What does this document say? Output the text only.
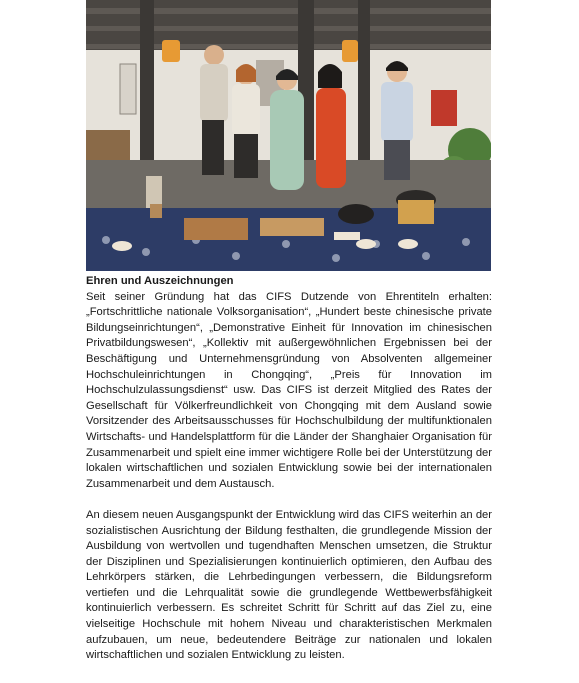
Ehren und Auszeichnungen

Seit seiner Gründung hat das CIFS Dutzende von Ehrentiteln erhalten: „Fortschrittliche nationale Volksorganisation“, „Hundert beste chinesische private Bildungseinrichtungen“, „Demonstrative Einheit für Innovation im chinesischen Privatbildungswesen“, „Kollektiv mit außergewöhnlichen Ergebnissen bei der Beschäftigung und Unternehmensgründung von Absolventen allgemeiner Hochschuleinrichtungen in Chongqing“, „Preis für Innovation im Hochschulzulassungsdienst“ usw. Das CIFS ist derzeit Mitglied des Rates der Gesellschaft für Völkerfreundlichkeit von Chongqing mit dem Ausland sowie Vorsitzender des Arbeitsausschusses für Hochschulbildung der multifunktionalen Wirtschafts- und Handelsplattform für die Länder der Shanghaier Organisation für Zusammenarbeit und spielt eine immer wichtigere Rolle bei der Unterstützung der lokalen wirtschaftlichen und sozialen Entwicklung sowie bei der internationalen Zusammenarbeit und dem Austausch.

An diesem neuen Ausgangspunkt der Entwicklung wird das CIFS weiterhin an der sozialistischen Ausrichtung der Bildung festhalten, die grundlegende Mission der Ausbildung von wertvollen und tugendhaften Menschen umsetzen, die Struktur der Disziplinen und Spezialisierungen kontinuierlich optimieren, den Aufbau des Lehrkörpers stärken, die Lehrbedingungen verbessern, die Bildungsreform vertiefen und die Lehrqualität sowie die grundlegende Wettbewerbsfähigkeit kontinuierlich verbessern. Es schreitet Schritt für Schritt auf das Ziel zu, eine vielseitige Hochschule mit hohem Niveau und charakteristischen Merkmalen aufzubauen, um neue, bedeutendere Beiträge zur nationalen und lokalen wirtschaftlichen und sozialen Entwicklung zu leisten.
